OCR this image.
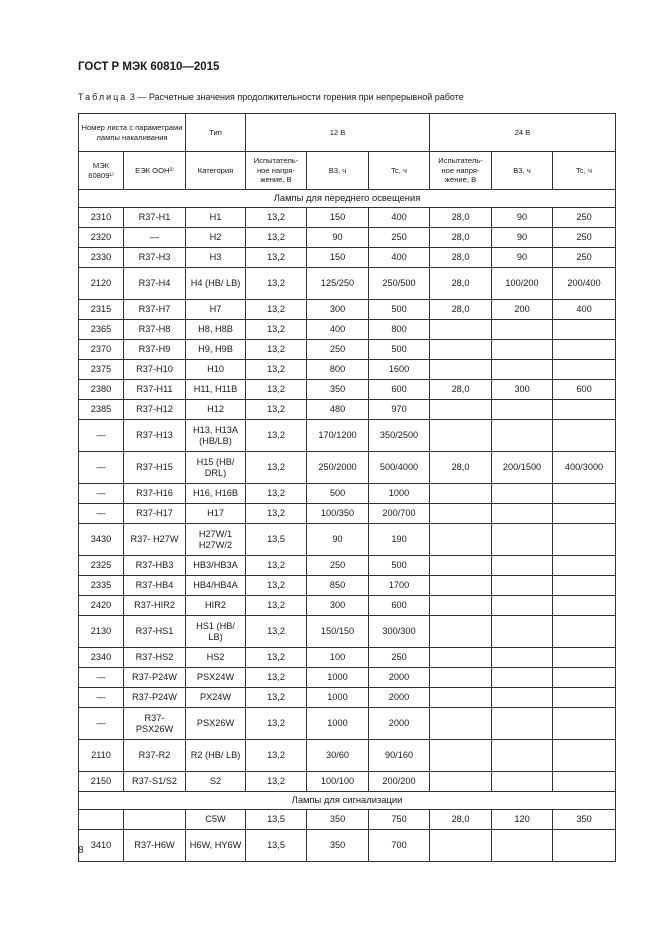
ГОСТ Р МЭК 60810—2015
Таблица 3 — Расчетные значения продолжительности горения при непрерывной работе
Номер листа с параметрами лампы накаливания		Тип	12 В			24 В		
МЭК 60809¹⁾	ЕЭК ООН²⁾	Категория	Испытатель-ное напря-жение, В	B3, ч	Tc, ч	Испытатель-ное напря-жение, В	B3, ч	Tc, ч
Лампы для переднего освещения								
2310	R37-H1	H1	13,2	150	400	28,0	90	250
2320	—	H2	13,2	90	250	28,0	90	250
2330	R37-H3	H3	13,2	150	400	28,0	90	250
2120	R37-H4	H4 (HB/ LB)	13,2	125/250	250/500	28,0	100/200	200/400
2315	R37-H7	H7	13,2	300	500	28,0	200	400
2365	R37-H8	H8, H8B	13,2	400	800			
2370	R37-H9	H9, H9B	13,2	250	500			
2375	R37-H10	H10	13,2	800	1600			
2380	R37-H11	H11, H11B	13,2	350	600	28,0	300	600
2385	R37-H12	H12	13,2	480	970			
—	R37-H13	H13, H13A (HB/LB)	13,2	170/1200	350/2500			
—	R37-H15	H15 (HB/ DRL)	13,2	250/2000	500/4000	28,0	200/1500	400/3000
—	R37-H16	H16, H16B	13,2	500	1000			
—	R37-H17	H17	13,2	100/350	200/700			
3430	R37- H27W	H27W/1 H27W/2	13,5	90	190			
2325	R37-HB3	HB3/HB3A	13,2	250	500			
2335	R37-HB4	HB4/HB4A	13,2	850	1700			
2420	R37-HIR2	HIR2	13,2	300	600			
2130	R37-HS1	HS1 (HB/ LB)	13,2	150/150	300/300			
2340	R37-HS2	HS2	13,2	100	250			
—	R37-P24W	PSX24W	13,2	1000	2000			
—	R37-P24W	PX24W	13,2	1000	2000			
—	R37- PSX26W	PSX26W	13,2	1000	2000			
2110	R37-R2	R2 (HB/ LB)	13,2	30/60	90/160			
2150	R37-S1/S2	S2	13,2	100/100	200/200			
Лампы для сигнализации								
		C5W	13,5	350	750	28,0	120	350
3410	R37-H6W	H6W, HY6W	13,5	350	700			
8
